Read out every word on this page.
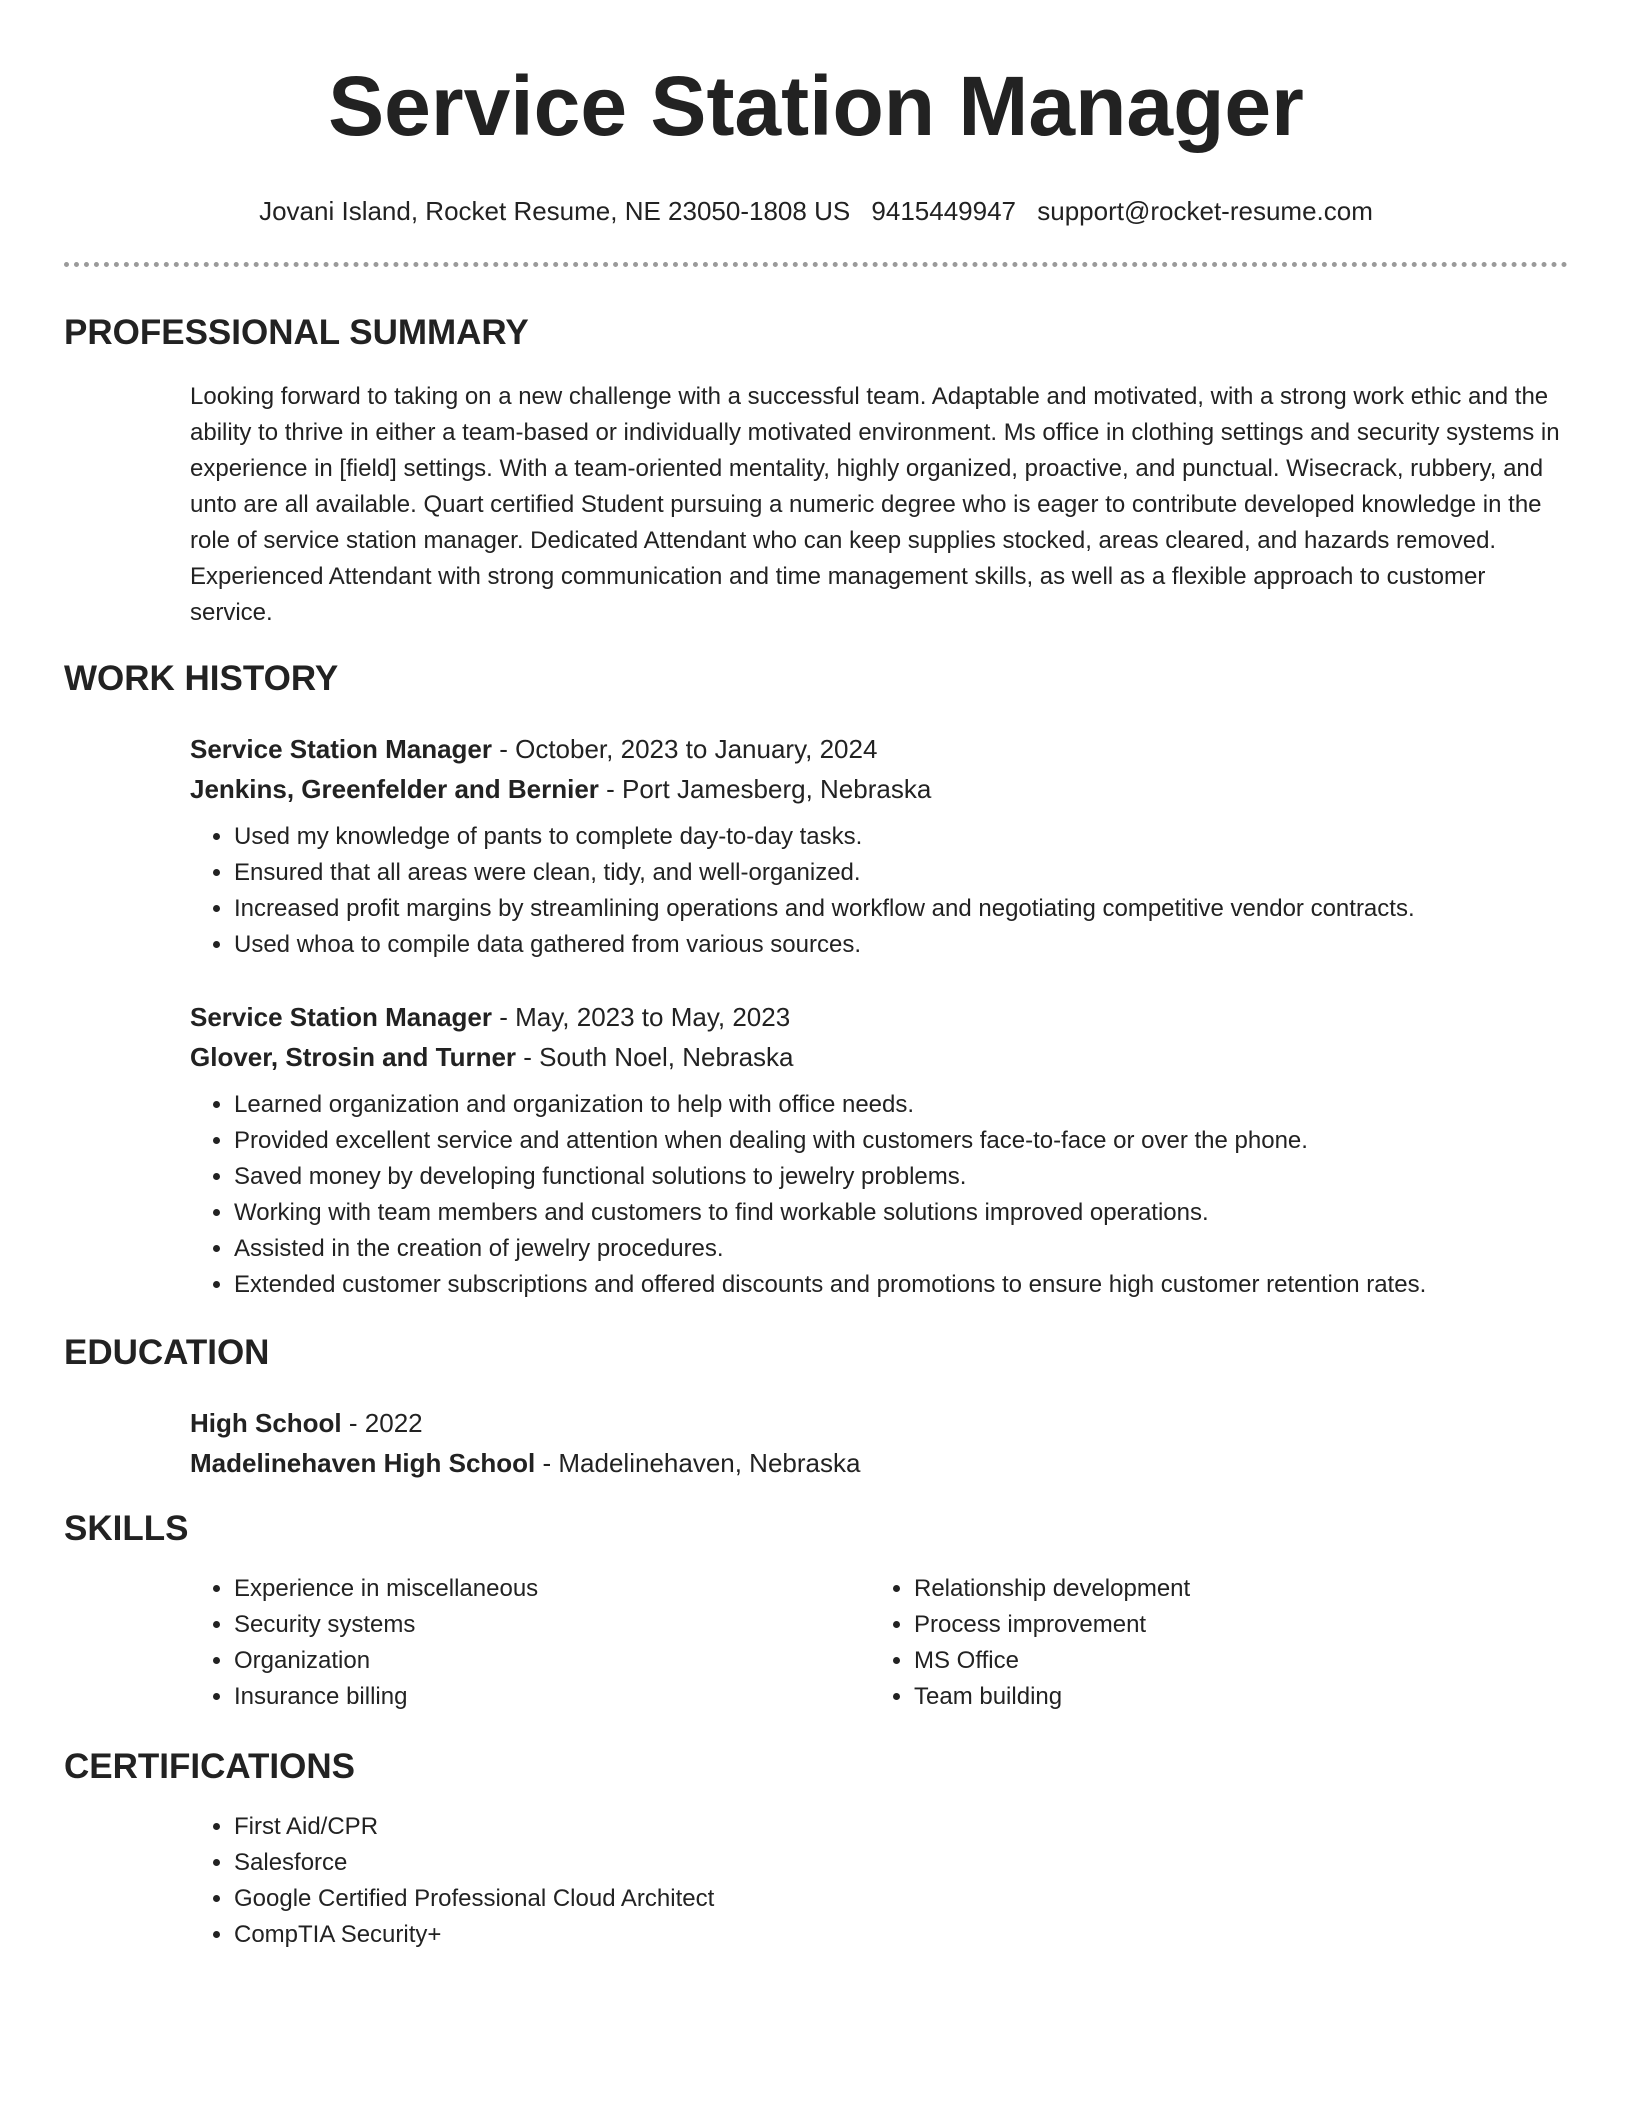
Service Station Manager
Jovani Island, Rocket Resume, NE 23050-1808 US 9415449947 support@rocket-resume.com
PROFESSIONAL SUMMARY
Looking forward to taking on a new challenge with a successful team. Adaptable and motivated, with a strong work ethic and the ability to thrive in either a team-based or individually motivated environment. Ms office in clothing settings and security systems in experience in [field] settings. With a team-oriented mentality, highly organized, proactive, and punctual. Wisecrack, rubbery, and unto are all available. Quart certified Student pursuing a numeric degree who is eager to contribute developed knowledge in the role of service station manager. Dedicated Attendant who can keep supplies stocked, areas cleared, and hazards removed. Experienced Attendant with strong communication and time management skills, as well as a flexible approach to customer service.
WORK HISTORY
Service Station Manager - October, 2023 to January, 2024
Jenkins, Greenfelder and Bernier - Port Jamesberg, Nebraska
• Used my knowledge of pants to complete day-to-day tasks.
• Ensured that all areas were clean, tidy, and well-organized.
• Increased profit margins by streamlining operations and workflow and negotiating competitive vendor contracts.
• Used whoa to compile data gathered from various sources.
Service Station Manager - May, 2023 to May, 2023
Glover, Strosin and Turner - South Noel, Nebraska
• Learned organization and organization to help with office needs.
• Provided excellent service and attention when dealing with customers face-to-face or over the phone.
• Saved money by developing functional solutions to jewelry problems.
• Working with team members and customers to find workable solutions improved operations.
• Assisted in the creation of jewelry procedures.
• Extended customer subscriptions and offered discounts and promotions to ensure high customer retention rates.
EDUCATION
High School - 2022
Madelinehaven High School - Madelinehaven, Nebraska
SKILLS
• Experience in miscellaneous
• Security systems
• Organization
• Insurance billing
• Relationship development
• Process improvement
• MS Office
• Team building
CERTIFICATIONS
• First Aid/CPR
• Salesforce
• Google Certified Professional Cloud Architect
• CompTIA Security+
